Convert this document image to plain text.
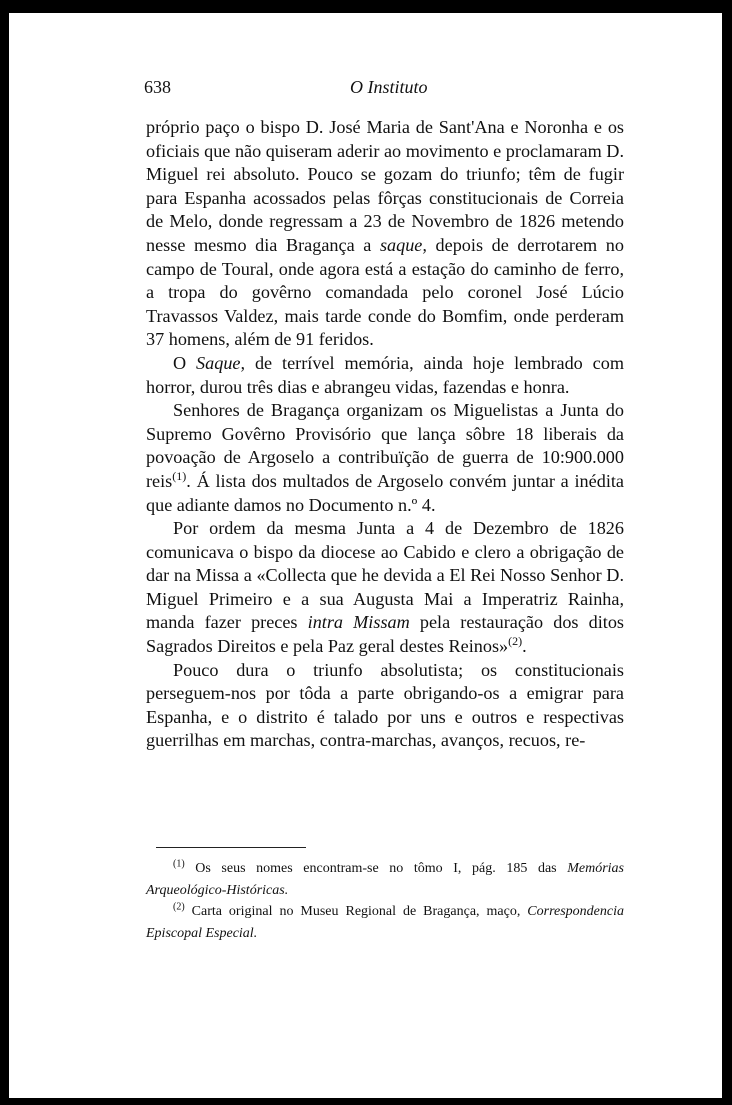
638	O Instituto

próprio paço o bispo D. José Maria de Sant'Ana e Noronha e os oficiais que não quiseram aderir ao movimento e proclamaram D. Miguel rei absoluto. Pouco se gozam do triunfo; têm de fugir para Espanha acossados pelas fôrças constitucionais de Correia de Melo, donde regressam a 23 de Novembro de 1826 metendo nesse mesmo dia Bragança a saque, depois de derrotarem no campo de Toural, onde agora está a estação do caminho de ferro, a tropa do govêrno comandada pelo coronel José Lúcio Travassos Valdez, mais tarde conde do Bomfim, onde perderam 37 homens, além de 91 feridos.

O Saque, de terrível memória, ainda hoje lembrado com horror, durou três dias e abrangeu vidas, fazendas e honra.

Senhores de Bragança organizam os Miguelistas a Junta do Supremo Govêrno Provisório que lança sôbre 18 liberais da povoação de Argoselo a contribuïção de guerra de 10:900.000 reis$^{(1)}$. Á lista dos multados de Argoselo convém juntar a inédita que adiante damos no Documento n.º 4.

Por ordem da mesma Junta a 4 de Dezembro de 1826 comunicava o bispo da diocese ao Cabido e clero a obrigação de dar na Missa a «Collecta que he devida a El Rei Nosso Senhor D. Miguel Primeiro e a sua Augusta Mai a Imperatriz Rainha, manda fazer preces intra Missam pela restauração dos ditos Sagrados Direitos e pela Paz geral destes Reinos»$^{(2)}$.

Pouco dura o triunfo absolutista; os constitucionais perseguem-nos por tôda a parte obrigando-os a emigrar para Espanha, e o distrito é talado por uns e outros e respectivas guerrilhas em marchas, contra-marchas, avanços, recuos, re-

$^{(1)}$ Os seus nomes encontram-se no tômo I, pág. 185 das Memórias Arqueológico-Históricas.

$^{(2)}$ Carta original no Museu Regional de Bragança, maço, Correspondencia Episcopal Especial.
